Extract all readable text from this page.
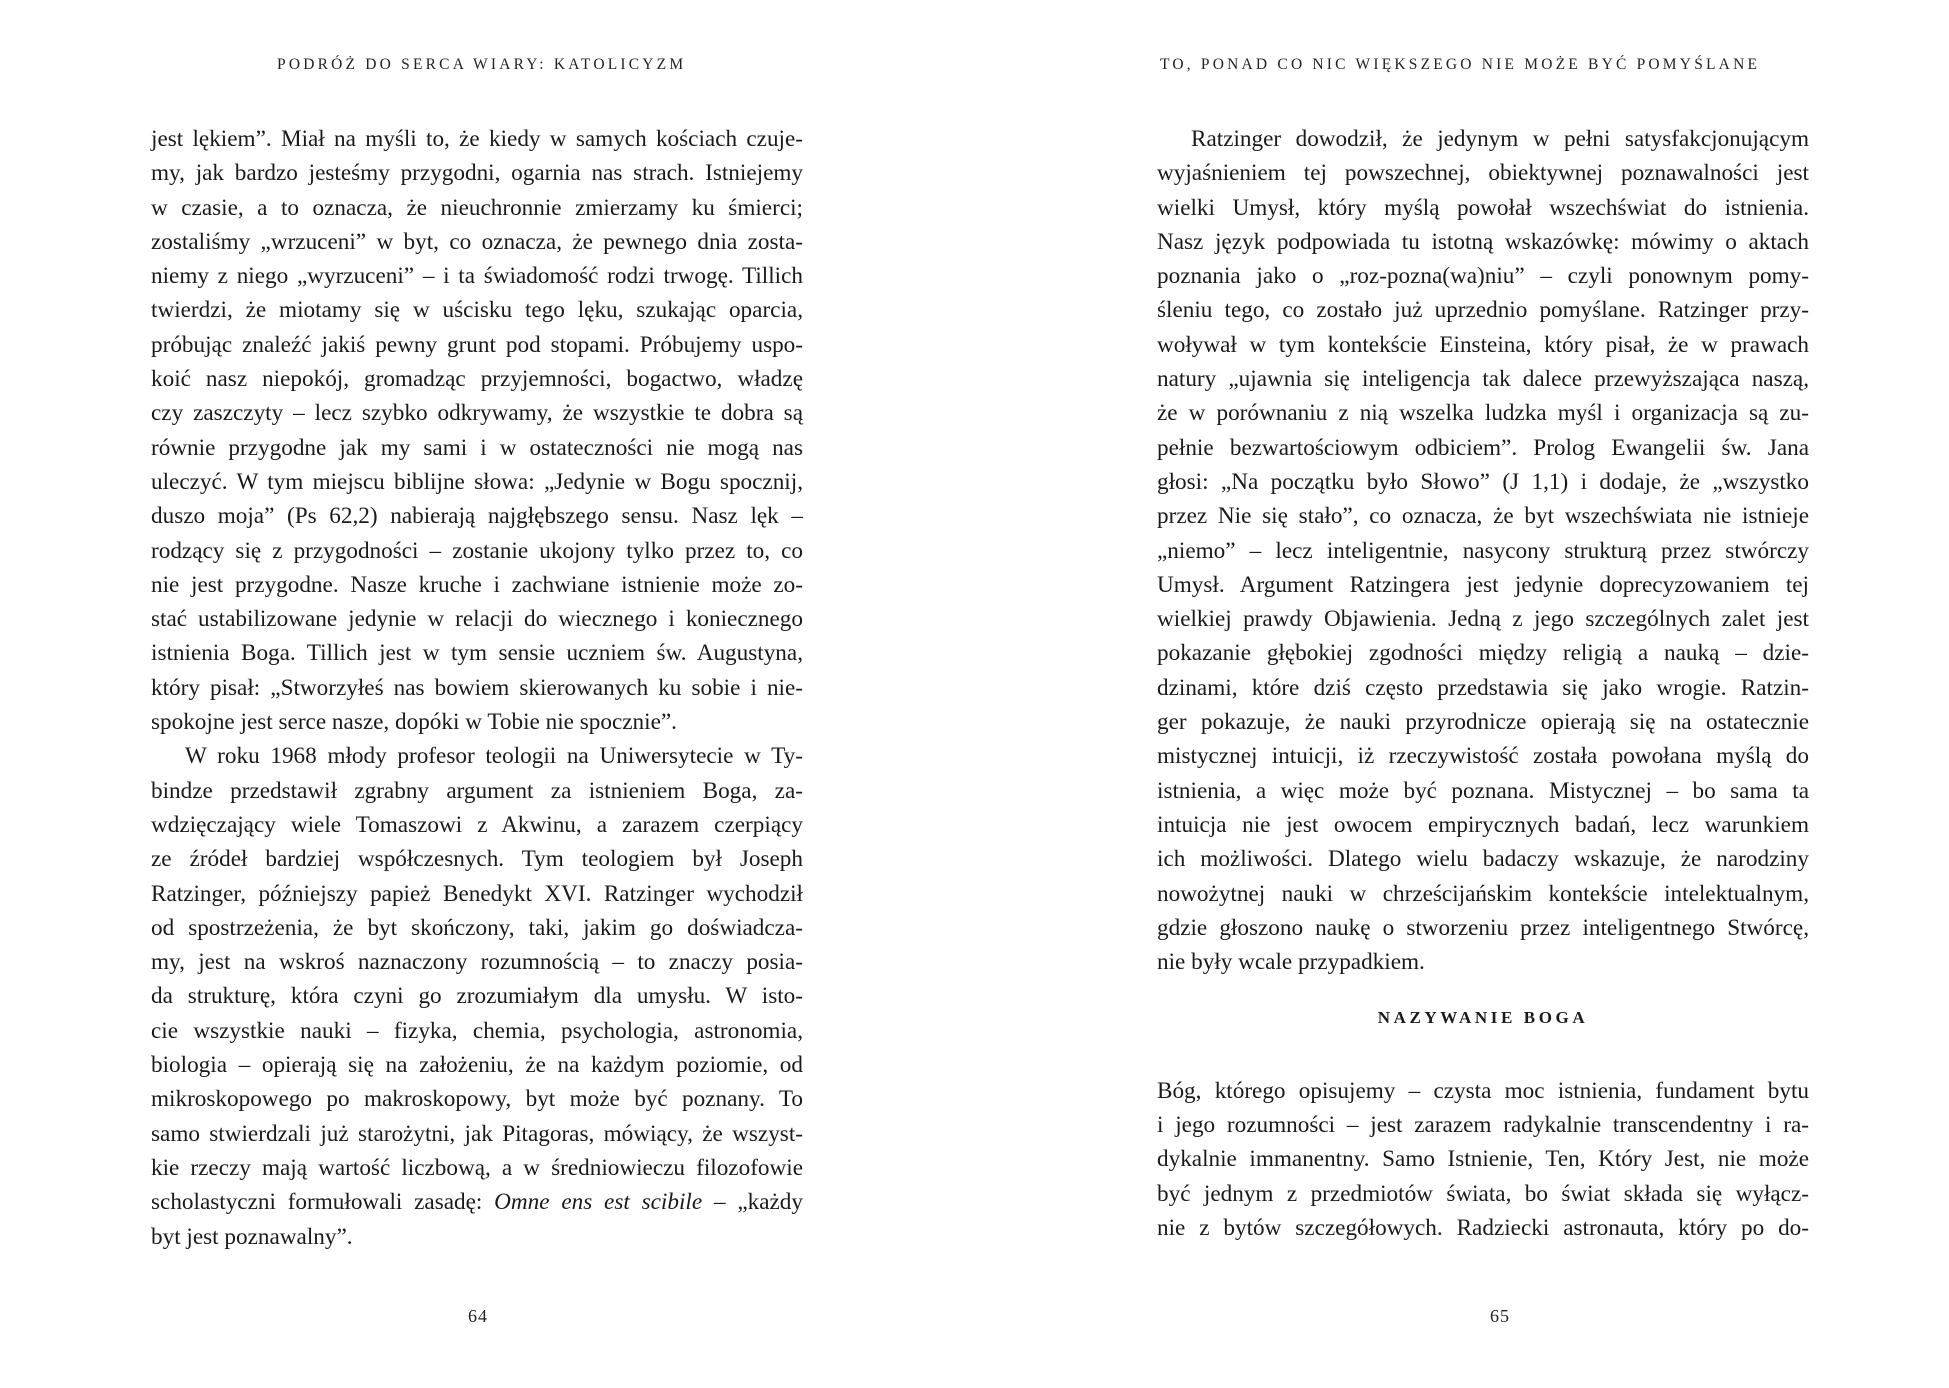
PODRÓŻ DO SERCA WIARY: KATOLICYZM
jest lękiem”. Miał na myśli to, że kiedy w samych kościach czuje-
my, jak bardzo jesteśmy przygodni, ogarnia nas strach. Istniejemy
w czasie, a to oznacza, że nieuchronnie zmierzamy ku śmierci;
zostaliśmy „wrzuceni” w byt, co oznacza, że pewnego dnia zosta-
niemy z niego „wyrzuceni” – i ta świadomość rodzi trwogę. Tillich
twierdzi, że miotamy się w uścisku tego lęku, szukając oparcia,
próbując znaleźć jakiś pewny grunt pod stopami. Próbujemy uspo-
koić nasz niepokój, gromadząc przyjemności, bogactwo, władzę
czy zaszczyty – lecz szybko odkrywamy, że wszystkie te dobra są
równie przygodne jak my sami i w ostateczności nie mogą nas
uleczyć. W tym miejscu biblijne słowa: „Jedynie w Bogu spocznij,
duszo moja” (Ps 62,2) nabierają najgłębszego sensu. Nasz lęk –
rodzący się z przygodności – zostanie ukojony tylko przez to, co
nie jest przygodne. Nasze kruche i zachwiane istnienie może zo-
stać ustabilizowane jedynie w relacji do wiecznego i koniecznego
istnienia Boga. Tillich jest w tym sensie uczniem św. Augustyna,
który pisał: „Stworzyłeś nas bowiem skierowanych ku sobie i nie-
spokojne jest serce nasze, dopóki w Tobie nie spocznie”.
W roku 1968 młody profesor teologii na Uniwersytecie w Ty-
bindze przedstawił zgrabny argument za istnieniem Boga, za-
wdzięczający wiele Tomaszowi z Akwinu, a zarazem czerpiący
ze źródeł bardziej współczesnych. Tym teologiem był Joseph
Ratzinger, późniejszy papież Benedykt XVI. Ratzinger wychodził
od spostrzeżenia, że byt skończony, taki, jakim go doświadcza-
my, jest na wskroś naznaczony rozumnością – to znaczy posia-
da strukturę, która czyni go zrozumiałym dla umysłu. W isto-
cie wszystkie nauki – fizyka, chemia, psychologia, astronomia,
biologia – opierają się na założeniu, że na każdym poziomie, od
mikroskopowego po makroskopowy, byt może być poznany. To
samo stwierdzali już starożytni, jak Pitagoras, mówiący, że wszyst-
kie rzeczy mają wartość liczbową, a w średniowieczu filozofowie
scholastyczni formułowali zasadę: Omne ens est scibile – „każdy
byt jest poznawalny”.
64
TO, PONAD CO NIC WIĘKSZEGO NIE MOŻE BYĆ POMYŚLANE
Ratzinger dowodził, że jedynym w pełni satysfakcjonującym
wyjaśnieniem tej powszechnej, obiektywnej poznawalności jest
wielki Umysł, który myślą powołał wszechświat do istnienia.
Nasz język podpowiada tu istotną wskazówkę: mówimy o aktach
poznania jako o „roz-pozna(wa)niu” – czyli ponownym pomy-
śleniu tego, co zostało już uprzednio pomyślane. Ratzinger przy-
woływał w tym kontekście Einsteina, który pisał, że w prawach
natury „ujawnia się inteligencja tak dalece przewyższająca naszą,
że w porównaniu z nią wszelka ludzka myśl i organizacja są zu-
pełnie bezwartościowym odbiciem”. Prolog Ewangelii św. Jana
głosi: „Na początku było Słowo” (J 1,1) i dodaje, że „wszystko
przez Nie się stało”, co oznacza, że byt wszechświata nie istnieje
„niemo” – lecz inteligentnie, nasycony strukturą przez stwórczy
Umysł. Argument Ratzingera jest jedynie doprecyzowaniem tej
wielkiej prawdy Objawienia. Jedną z jego szczególnych zalet jest
pokazanie głębokiej zgodności między religią a nauką – dzie-
dzinami, które dziś często przedstawia się jako wrogie. Ratzin-
ger pokazuje, że nauki przyrodnicze opierają się na ostatecznie
mistycznej intuicji, iż rzeczywistość została powołana myślą do
istnienia, a więc może być poznana. Mistycznej – bo sama ta
intuicja nie jest owocem empirycznych badań, lecz warunkiem
ich możliwości. Dlatego wielu badaczy wskazuje, że narodziny
nowożytnej nauki w chrześcijańskim kontekście intelektualnym,
gdzie głoszono naukę o stworzeniu przez inteligentnego Stwórcę,
nie były wcale przypadkiem.
NAZYWANIE BOGA
Bóg, którego opisujemy – czysta moc istnienia, fundament bytu
i jego rozumności – jest zarazem radykalnie transcendentny i ra-
dykalnie immanentny. Samo Istnienie, Ten, Który Jest, nie może
być jednym z przedmiotów świata, bo świat składa się wyłącz-
nie z bytów szczegółowych. Radziecki astronauta, który po do-
65
